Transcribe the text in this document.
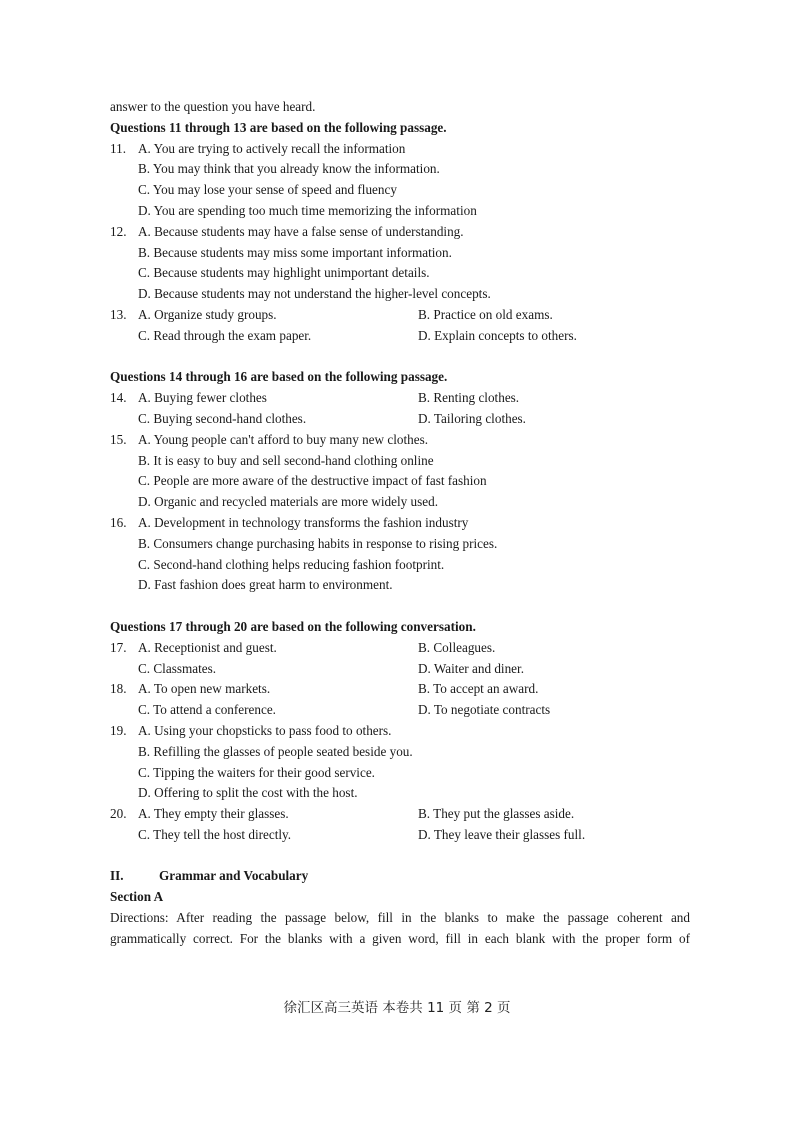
answer to the question you have heard.
Questions 11 through 13 are based on the following passage.
11. A. You are trying to actively recall the information
B. You may think that you already know the information.
C. You may lose your sense of speed and fluency
D. You are spending too much time memorizing the information
12. A. Because students may have a false sense of understanding.
B. Because students may miss some important information.
C. Because students may highlight unimportant details.
D. Because students may not understand the higher-level concepts.
13. A. Organize study groups.	B. Practice on old exams.
C. Read through the exam paper.	D. Explain concepts to others.
Questions 14 through 16 are based on the following passage.
14. A. Buying fewer clothes	B. Renting clothes.
C. Buying second-hand clothes.	D. Tailoring clothes.
15. A. Young people can't afford to buy many new clothes.
B. It is easy to buy and sell second-hand clothing online
C. People are more aware of the destructive impact of fast fashion
D. Organic and recycled materials are more widely used.
16. A. Development in technology transforms the fashion industry
B. Consumers change purchasing habits in response to rising prices.
C. Second-hand clothing helps reducing fashion footprint.
D. Fast fashion does great harm to environment.
Questions 17 through 20 are based on the following conversation.
17. A. Receptionist and guest.	B. Colleagues.
C. Classmates.	D. Waiter and diner.
18. A. To open new markets.	B. To accept an award.
C. To attend a conference.	D. To negotiate contracts
19. A. Using your chopsticks to pass food to others.
B. Refilling the glasses of people seated beside you.
C. Tipping the waiters for their good service.
D. Offering to split the cost with the host.
20. A. They empty their glasses.	B. They put the glasses aside.
C. They tell the host directly.	D. They leave their glasses full.
II.	Grammar and Vocabulary
Section A
Directions: After reading the passage below, fill in the blanks to make the passage coherent and
grammatically correct. For the blanks with a given word, fill in each blank with the proper form of
徐汇区高三英语 本卷共 11 页 第 2 页
